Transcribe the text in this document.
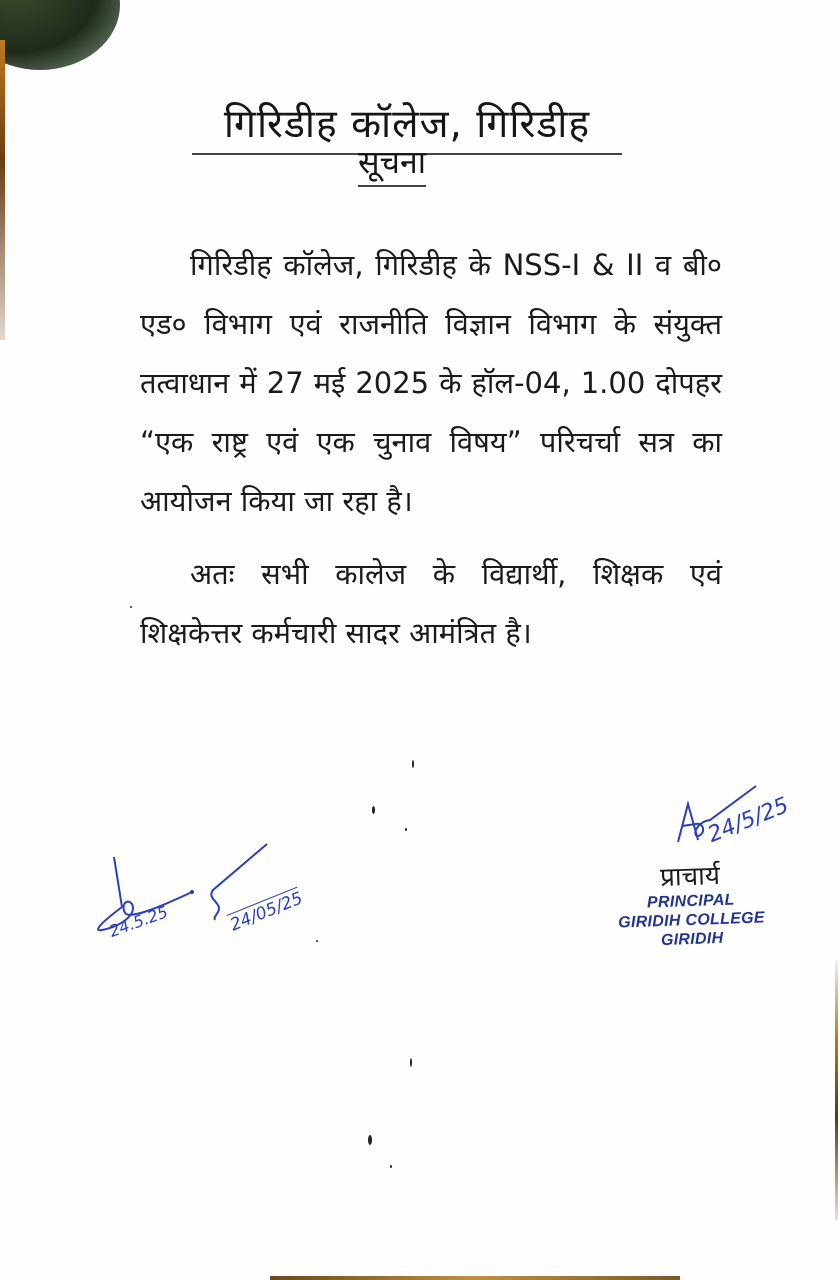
गिरिडीह कॉलेज, गिरिडीह
सूचना

गिरिडीह कॉलेज, गिरिडीह के NSS-I & II व बी० एड० विभाग एवं राजनीति विज्ञान विभाग के संयुक्त तत्वाधान में 27 मई 2025 के हॉल-04, 1.00 दोपहर “एक राष्ट्र एवं एक चुनाव विषय” परिचर्चा सत्र का आयोजन किया जा रहा है।

अतः सभी कालेज के विद्यार्थी, शिक्षक एवं शिक्षकेत्तर कर्मचारी सादर आमंत्रित है।

24.5.25	24/05/25
24/5/25
प्राचार्य
PRINCIPAL
GIRIDIH COLLEGE
GIRIDIH
